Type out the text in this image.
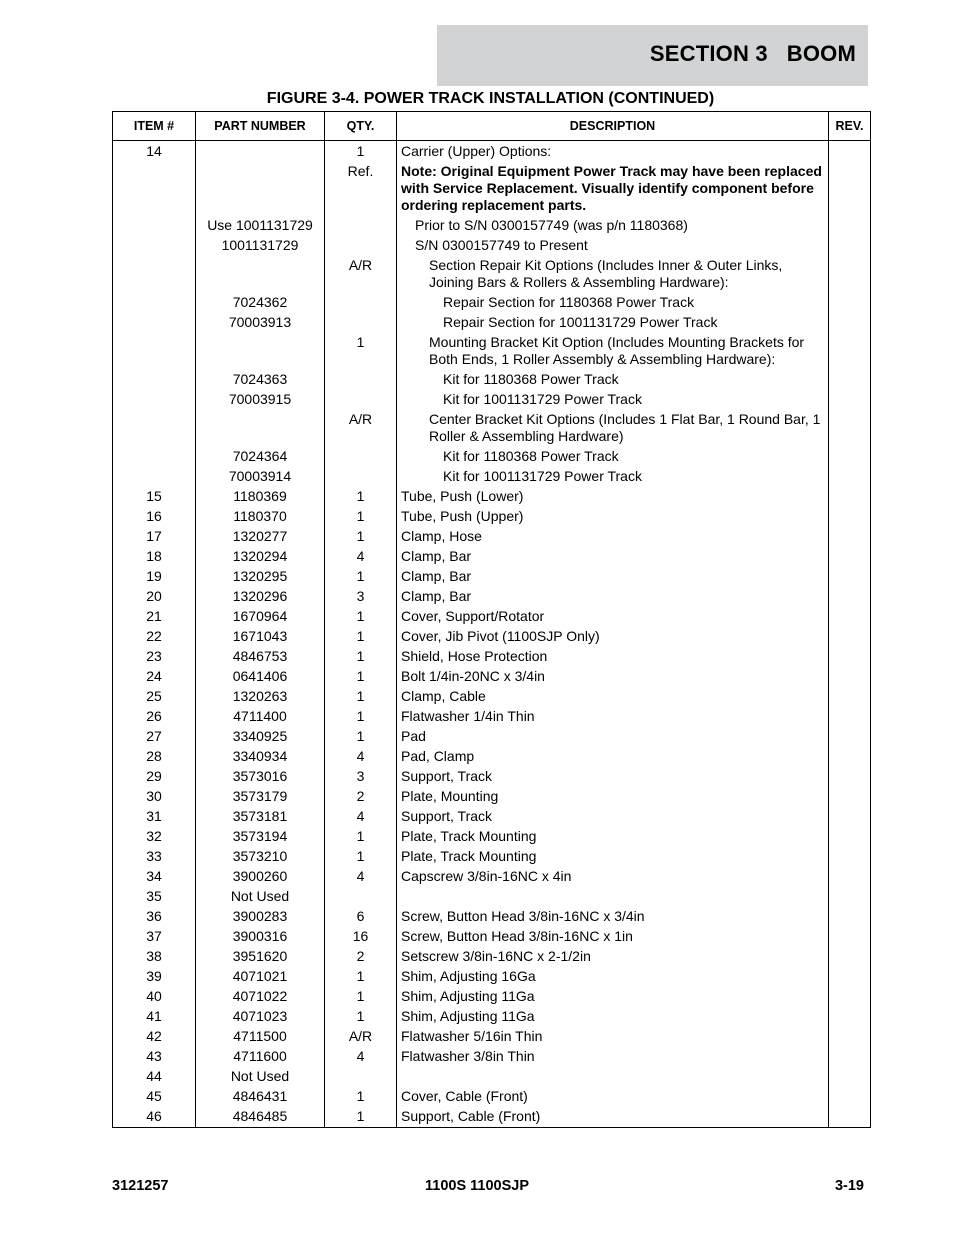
SECTION 3   BOOM
FIGURE 3-4. POWER TRACK INSTALLATION (CONTINUED)
ITEM #	PART NUMBER	QTY.	DESCRIPTION	REV.
14		1	Carrier (Upper) Options:	
		Ref.	Note: Original Equipment Power Track may have been replaced with Service Replacement. Visually identify component before ordering replacement parts.	
	Use 1001131729		Prior to S/N 0300157749 (was p/n 1180368)	

	1001131729		S/N 0300157749 to Present	

		A/R	Section Repair Kit Options (Includes Inner & Outer Links, Joining Bars & Rollers & Assembling Hardware):	

	7024362		Repair Section for 1180368 Power Track	

	70003913		Repair Section for 1001131729 Power Track	

		1	Mounting Bracket Kit Option (Includes Mounting Brackets for Both Ends, 1 Roller Assembly & Assembling Hardware):	

	7024363		Kit for 1180368 Power Track	

	70003915		Kit for 1001131729 Power Track	

		A/R	Center Bracket Kit Options (Includes 1 Flat Bar, 1 Round Bar, 1 Roller & Assembling Hardware)	

	7024364		Kit for 1180368 Power Track	

	70003914		Kit for 1001131729 Power Track	

15	1180369	1	Tube, Push (Lower)	
16	1180370	1	Tube, Push (Upper)	
17	1320277	1	Clamp, Hose	
18	1320294	4	Clamp, Bar	
19	1320295	1	Clamp, Bar	
20	1320296	3	Clamp, Bar	
21	1670964	1	Cover, Support/Rotator	
22	1671043	1	Cover, Jib Pivot (1100SJP Only)	
23	4846753	1	Shield, Hose Protection	
24	0641406	1	Bolt 1/4in-20NC x 3/4in	
25	1320263	1	Clamp, Cable	
26	4711400	1	Flatwasher 1/4in Thin	
27	3340925	1	Pad	
28	3340934	4	Pad, Clamp	
29	3573016	3	Support, Track	
30	3573179	2	Plate, Mounting	
31	3573181	4	Support, Track	
32	3573194	1	Plate, Track Mounting	
33	3573210	1	Plate, Track Mounting	
34	3900260	4	Capscrew 3/8in-16NC x 4in	
35	Not Used			
36	3900283	6	Screw, Button Head 3/8in-16NC x 3/4in	
37	3900316	16	Screw, Button Head 3/8in-16NC x 1in	
38	3951620	2	Setscrew 3/8in-16NC x 2-1/2in	
39	4071021	1	Shim, Adjusting 16Ga	
40	4071022	1	Shim, Adjusting 11Ga	
41	4071023	1	Shim, Adjusting 11Ga	
42	4711500	A/R	Flatwasher 5/16in Thin	
43	4711600	4	Flatwasher 3/8in Thin	
44	Not Used			
45	4846431	1	Cover, Cable (Front)	
46	4846485	1	Support, Cable (Front)	
3121257	1100S 1100SJP	3-19
